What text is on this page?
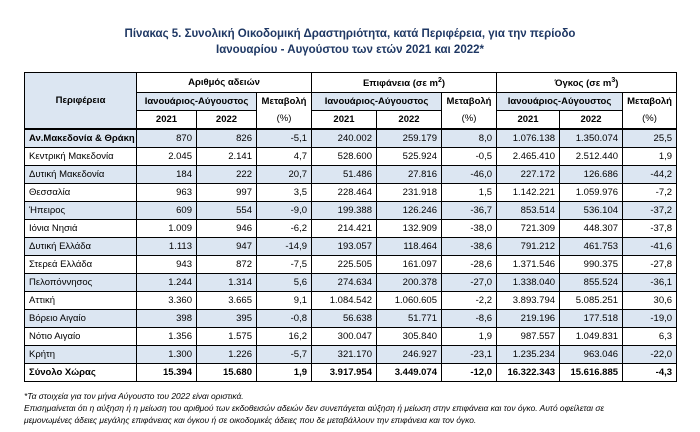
Πίνακας 5. Συνολική Οικοδομική Δραστηριότητα, κατά Περιφέρεια, για την περίοδο
Ιανουαρίου - Αυγούστου των ετών 2021 και 2022*
Περιφέρεια	Αριθμός αδειών			Επιφάνεια (σε $m^2$)			Όγκος (σε $m^3$)		
	Ιανουάριος-Αύγουστος		Μεταβολή	Ιανουάριος-Αύγουστος		Μεταβολή	Ιανουάριος-Αύγουστος		Μεταβολή
	2021	2022	(%)	2021	2022	(%)	2021	2022	(%)
Αν.Μακεδονία & Θράκη	870	826	-5,1	240.002	259.179	8,0	1.076.138	1.350.074	25,5
Κεντρική Μακεδονία	2.045	2.141	4,7	528.600	525.924	-0,5	2.465.410	2.512.440	1,9
Δυτική Μακεδονία	184	222	20,7	51.486	27.816	-46,0	227.172	126.686	-44,2
Θεσσαλία	963	997	3,5	228.464	231.918	1,5	1.142.221	1.059.976	-7,2
Ήπειρος	609	554	-9,0	199.388	126.246	-36,7	853.514	536.104	-37,2
Ιόνια Νησιά	1.009	946	-6,2	214.421	132.909	-38,0	721.309	448.307	-37,8
Δυτική Ελλάδα	1.113	947	-14,9	193.057	118.464	-38,6	791.212	461.753	-41,6
Στερεά Ελλάδα	943	872	-7,5	225.505	161.097	-28,6	1.371.546	990.375	-27,8
Πελοπόννησος	1.244	1.314	5,6	274.634	200.378	-27,0	1.338.040	855.524	-36,1
Αττική	3.360	3.665	9,1	1.084.542	1.060.605	-2,2	3.893.794	5.085.251	30,6
Βόρειο Αιγαίο	398	395	-0,8	56.638	51.771	-8,6	219.196	177.518	-19,0
Νότιο Αιγαίο	1.356	1.575	16,2	300.047	305.840	1,9	987.557	1.049.831	6,3
Κρήτη	1.300	1.226	-5,7	321.170	246.927	-23,1	1.235.234	963.046	-22,0
Σύνολο Χώρας	15.394	15.680	1,9	3.917.954	3.449.074	-12,0	16.322.343	15.616.885	-4,3
*Τα στοιχεία για τον μήνα Αύγουστο του 2022 είναι οριστικά.
Επισημαίνεται ότι η αύξηση ή η μείωση του αριθμού των εκδοθεισών αδειών δεν συνεπάγεται αύξηση ή μείωση στην επιφάνεια και τον όγκο. Αυτό οφείλεται σε
μεμονωμένες άδειες μεγάλης επιφάνειας και όγκου ή σε οικοδομικές άδειες που δε μεταβάλλουν την επιφάνεια και τον όγκο.
